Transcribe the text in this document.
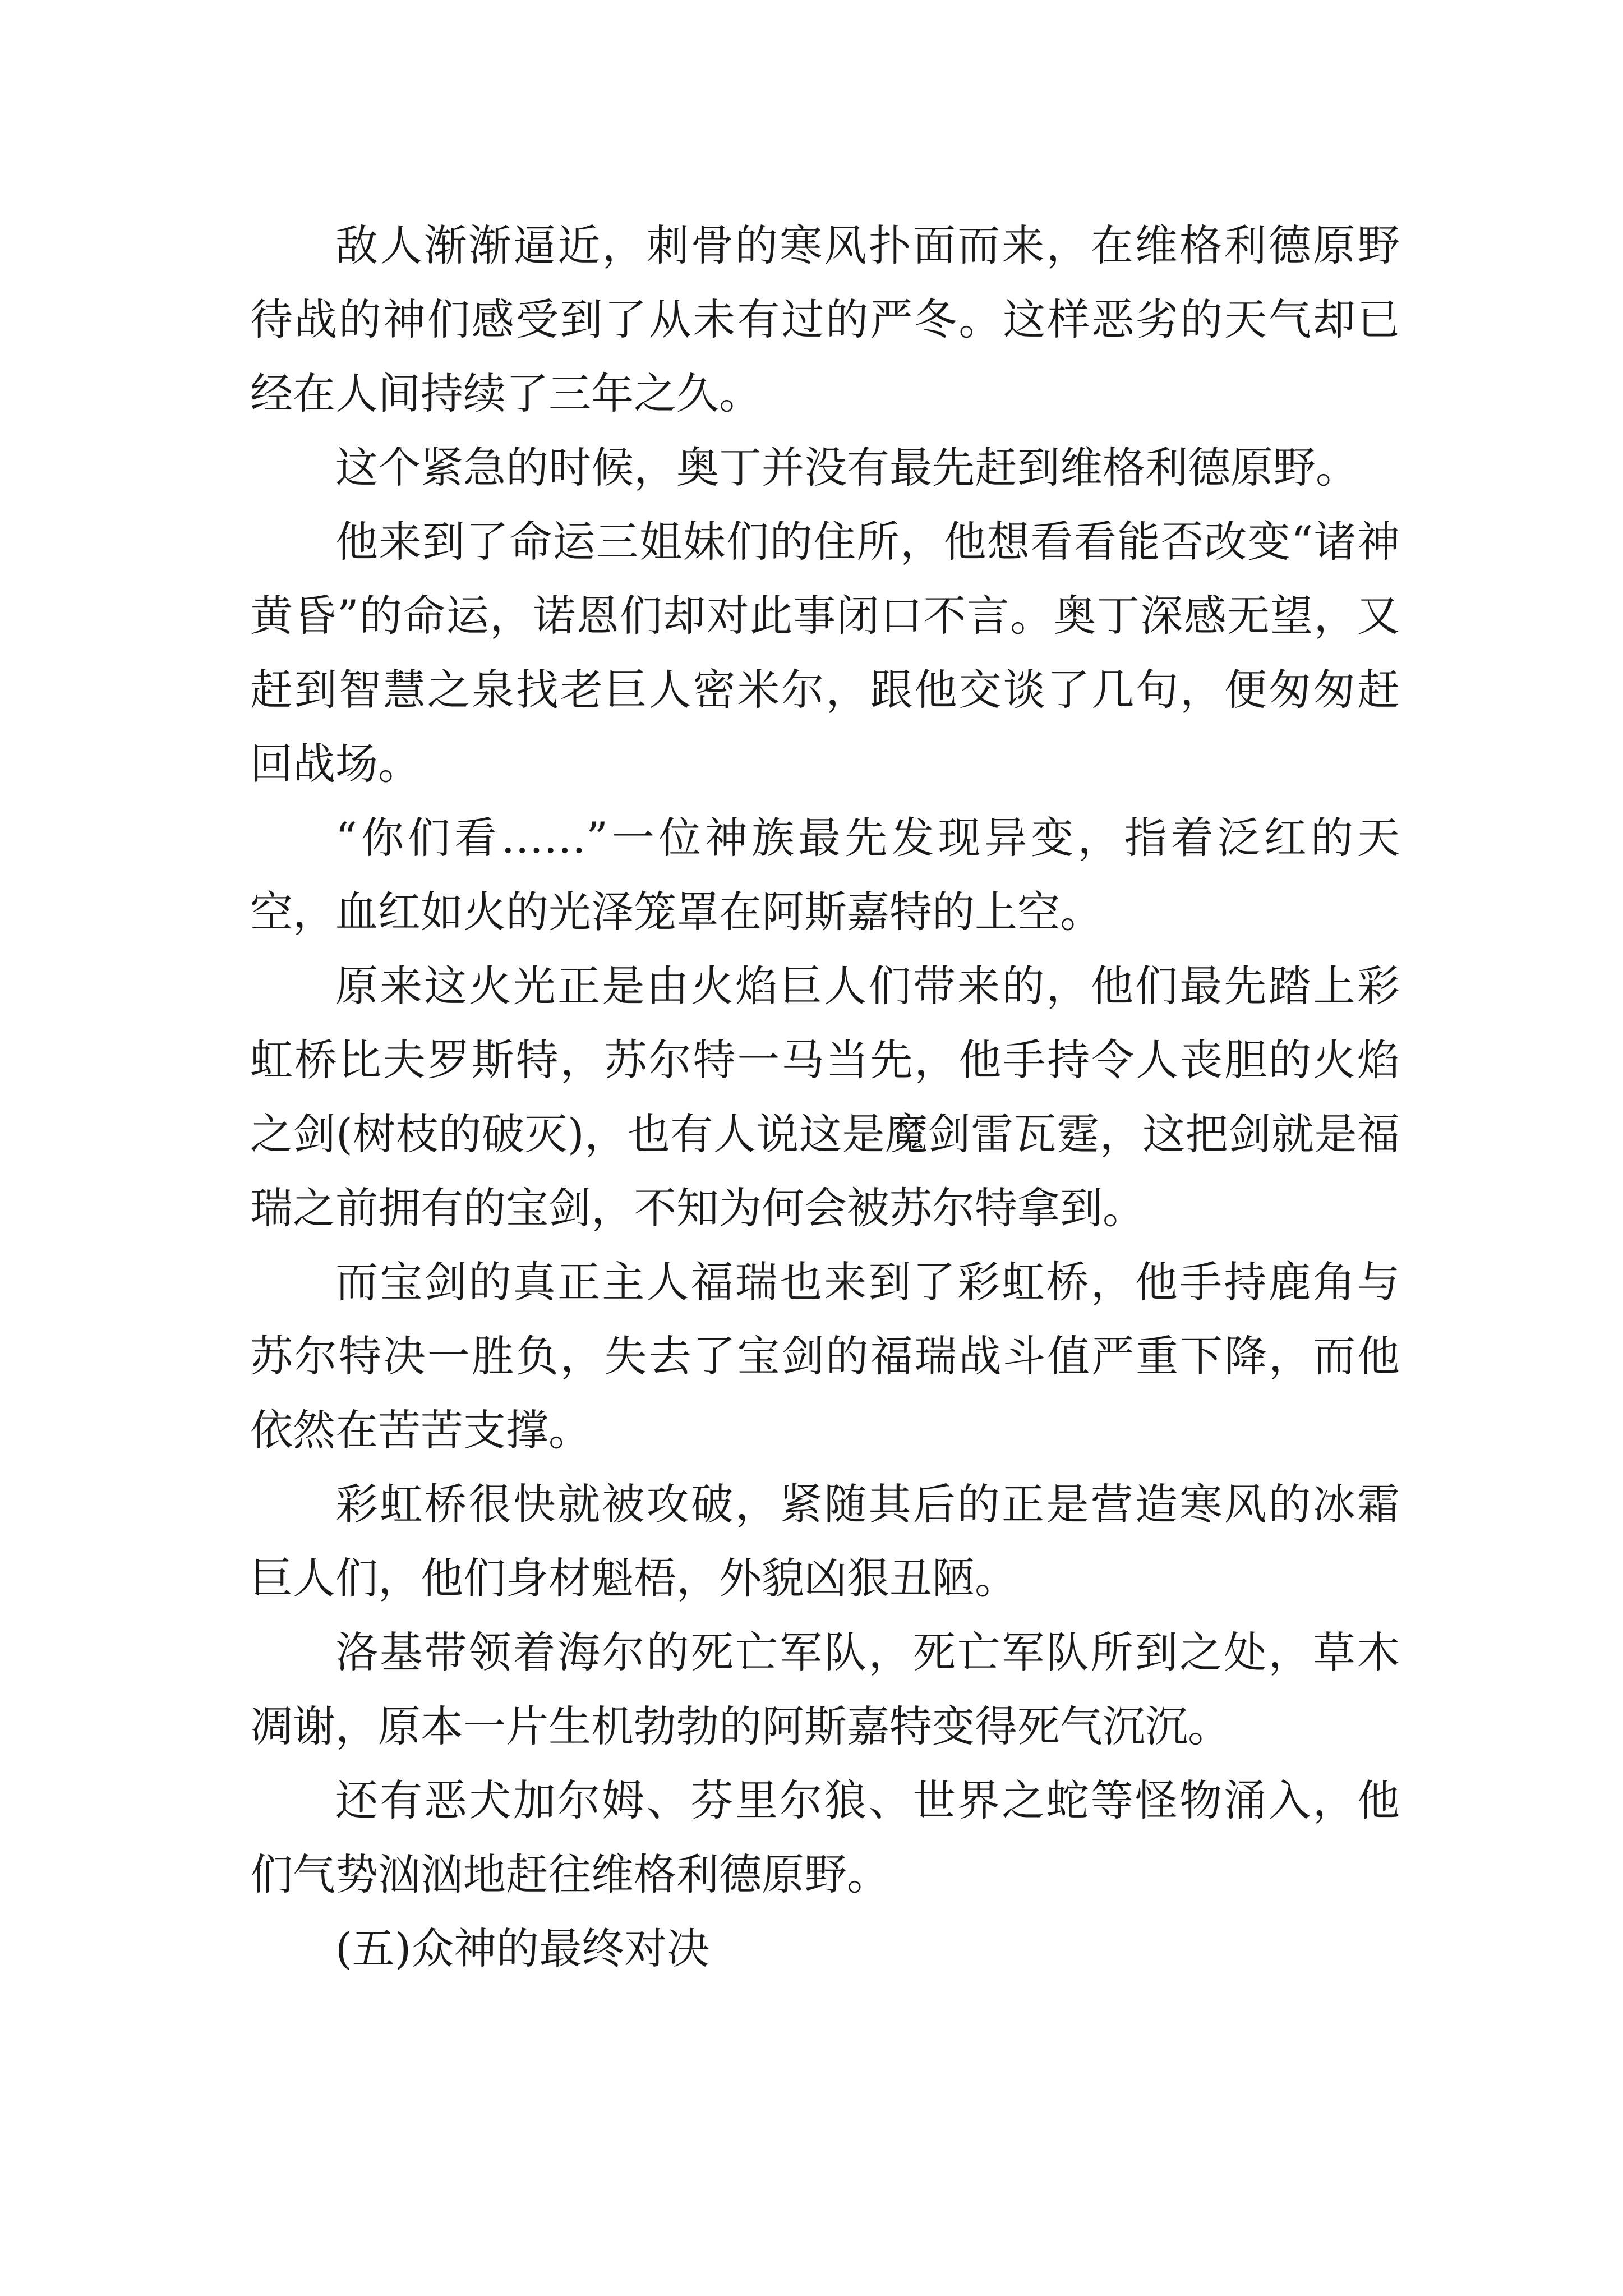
敌人渐渐逼近，刺骨的寒风扑面而来，在维格利德原野待战的神们感受到了从未有过的严冬。这样恶劣的天气却已经在人间持续了三年之久。

这个紧急的时候，奥丁并没有最先赶到维格利德原野。

他来到了命运三姐妹们的住所，他想看看能否改变“诸神黄昏”的命运，诺恩们却对此事闭口不言。奥丁深感无望，又赶到智慧之泉找老巨人密米尔，跟他交谈了几句，便匆匆赶回战场。

“你们看……”一位神族最先发现异变，指着泛红的天空，血红如火的光泽笼罩在阿斯嘉特的上空。

原来这火光正是由火焰巨人们带来的，他们最先踏上彩虹桥比夫罗斯特，苏尔特一马当先，他手持令人丧胆的火焰之剑(树枝的破灭)，也有人说这是魔剑雷瓦霆，这把剑就是福瑞之前拥有的宝剑，不知为何会被苏尔特拿到。

而宝剑的真正主人福瑞也来到了彩虹桥，他手持鹿角与苏尔特决一胜负，失去了宝剑的福瑞战斗值严重下降，而他依然在苦苦支撑。

彩虹桥很快就被攻破，紧随其后的正是营造寒风的冰霜巨人们，他们身材魁梧，外貌凶狠丑陋。

洛基带领着海尔的死亡军队，死亡军队所到之处，草木凋谢，原本一片生机勃勃的阿斯嘉特变得死气沉沉。

还有恶犬加尔姆、芬里尔狼、世界之蛇等怪物涌入，他们气势汹汹地赶往维格利德原野。

(五)众神的最终对决
